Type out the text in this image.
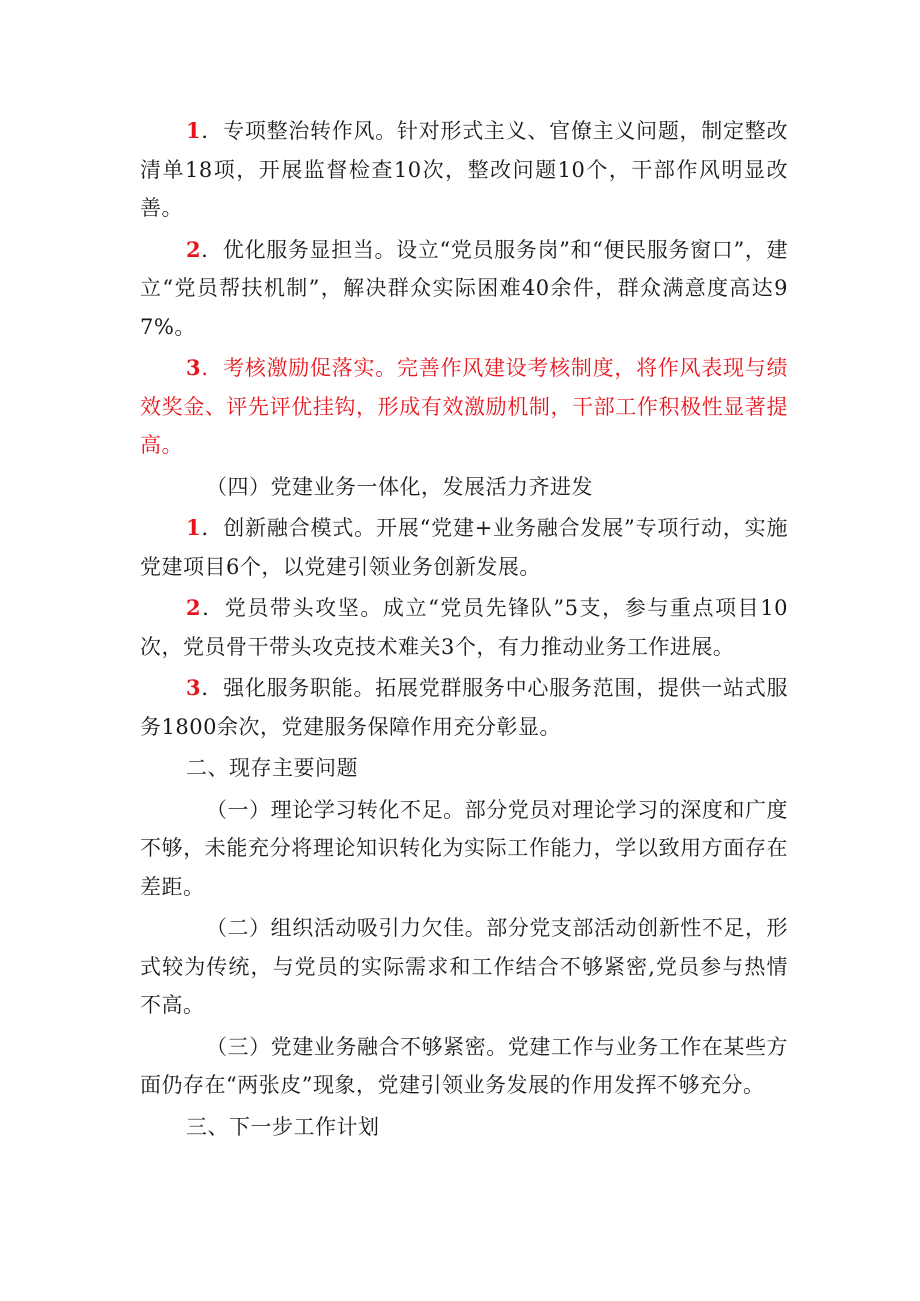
1．专项整治转作风。针对形式主义、官僚主义问题，制定整改清单18项，开展监督检查10次，整改问题10个，干部作风明显改善。

2．优化服务显担当。设立“党员服务岗”和“便民服务窗口”，建立“党员帮扶机制”，解决群众实际困难40余件，群众满意度高达97%。

3．考核激励促落实。完善作风建设考核制度，将作风表现与绩效奖金、评先评优挂钩，形成有效激励机制，干部工作积极性显著提高。

（四）党建业务一体化，发展活力齐进发

1．创新融合模式。开展“党建+业务融合发展”专项行动，实施党建项目6个，以党建引领业务创新发展。

2．党员带头攻坚。成立“党员先锋队”5支，参与重点项目10次，党员骨干带头攻克技术难关3个，有力推动业务工作进展。

3．强化服务职能。拓展党群服务中心服务范围，提供一站式服务1800余次，党建服务保障作用充分彰显。

二、现存主要问题

（一）理论学习转化不足。部分党员对理论学习的深度和广度不够，未能充分将理论知识转化为实际工作能力，学以致用方面存在差距。

（二）组织活动吸引力欠佳。部分党支部活动创新性不足，形式较为传统，与党员的实际需求和工作结合不够紧密,党员参与热情不高。

（三）党建业务融合不够紧密。党建工作与业务工作在某些方面仍存在“两张皮”现象，党建引领业务发展的作用发挥不够充分。

三、下一步工作计划
